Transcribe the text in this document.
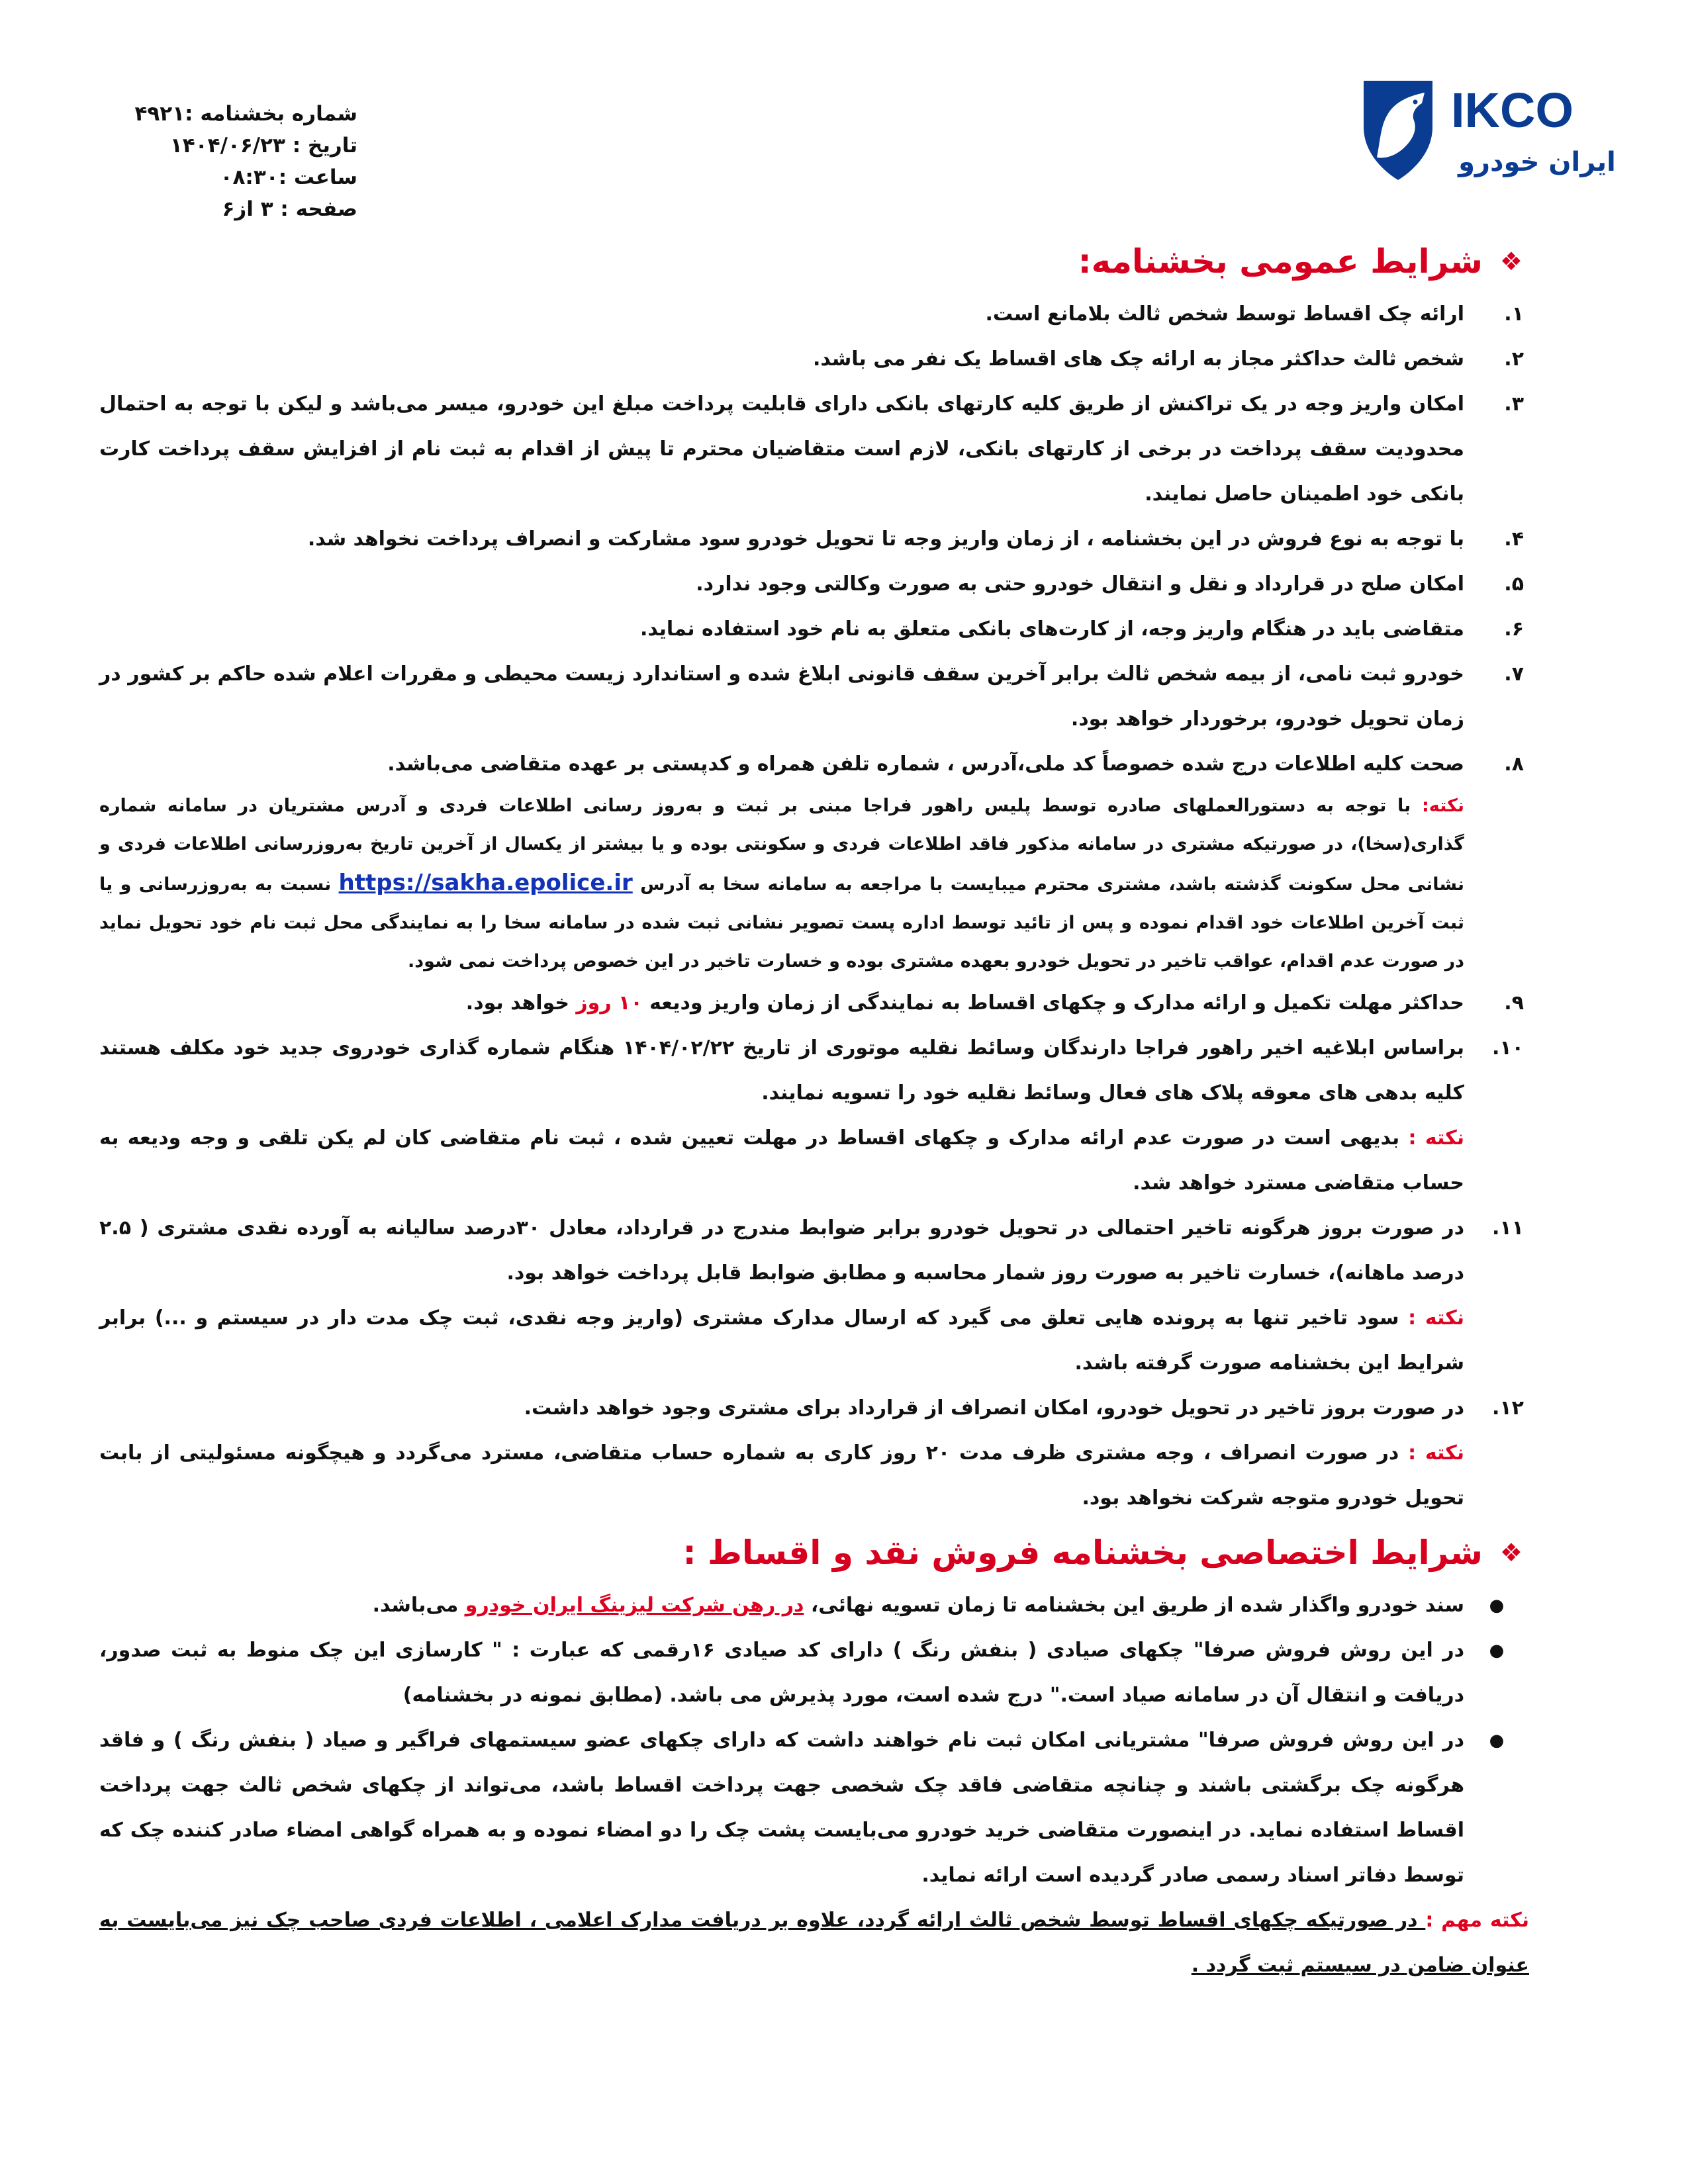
شماره بخشنامه :۴۹۲۱
تاریخ : ۱۴۰۴/۰۶/۲۳
ساعت :۰۸:۳۰
صفحه : ۳ از۶
IKCO
ایران خودرو
❖
شرایط عمومی بخشنامه:
۱.
ارائه چک اقساط توسط شخص ثالث بلامانع است.
۲.
شخص ثالث حداکثر مجاز به ارائه چک های اقساط یک نفر می باشد.
۳.
امکان واریز وجه در یک تراکنش از طریق کلیه کارتهای بانکی دارای قابلیت پرداخت مبلغ این خودرو، میسر می‌باشد و لیکن با توجه به احتمال محدودیت سقف پرداخت در برخی از کارتهای بانکی، لازم است متقاضیان محترم تا پیش از اقدام به ثبت نام از افزایش سقف پرداخت کارت بانکی خود اطمینان حاصل نمایند.
۴.
با توجه به نوع فروش در این بخشنامه ، از زمان واریز وجه تا تحویل خودرو سود مشارکت و انصراف پرداخت نخواهد شد.
۵.
امکان صلح در قرارداد و نقل و انتقال خودرو حتی به صورت وکالتی وجود ندارد.
۶.
متقاضی باید در هنگام واریز وجه، از کارت‌های بانکی متعلق به نام خود استفاده نماید.
۷.
خودرو ثبت نامی، از بیمه شخص ثالث برابر آخرین سقف قانونی ابلاغ شده و استاندارد زیست محیطی و مقررات اعلام شده حاکم بر کشور در زمان تحویل خودرو، برخوردار خواهد بود.
۸.
صحت کلیه اطلاعات درج شده خصوصاً کد ملی،آدرس ، شماره تلفن همراه و کدپستی بر عهده متقاضی می‌باشد.
نکته: با توجه به دستورالعملهای صادره توسط پلیس راهور فراجا مبنی بر ثبت و به‌روز رسانی اطلاعات فردی و آدرس مشتریان در سامانه شماره گذاری(سخا)، در صورتیکه مشتری در سامانه مذکور فاقد اطلاعات فردی و سکونتی بوده و یا بیشتر از یکسال از آخرین تاریخ به‌روزرسانی اطلاعات فردی و نشانی محل سکونت گذشته باشد، مشتری محترم میبایست با مراجعه به سامانه سخا به آدرس https://sakha.epolice.ir نسبت به به‌روزرسانی و یا ثبت آخرین اطلاعات خود اقدام نموده و پس از تائید توسط اداره پست تصویر نشانی ثبت شده در سامانه سخا را به نمایندگی محل ثبت نام خود تحویل نماید در صورت عدم اقدام، عواقب تاخیر در تحویل خودرو بعهده مشتری بوده و خسارت تاخیر در این خصوص پرداخت نمی شود.
۹.
حداکثر مهلت تکمیل و ارائه مدارک و چکهای اقساط به نمایندگی از زمان واریز ودیعه ۱۰ روز خواهد بود.
۱۰.
براساس ابلاغیه اخیر راهور فراجا دارندگان وسائط نقلیه موتوری از تاریخ ۱۴۰۴/۰۲/۲۲ هنگام شماره گذاری خودروی جدید خود مکلف هستند کلیه بدهی های معوقه پلاک های فعال وسائط نقلیه خود را تسویه نمایند.
نکته : بدیهی است در صورت عدم ارائه مدارک و چکهای اقساط در مهلت تعیین شده ، ثبت نام متقاضی کان لم یکن تلقی و وجه ودیعه به حساب متقاضی مسترد خواهد شد.
۱۱.
در صورت بروز هرگونه تاخیر احتمالی در تحویل خودرو برابر ضوابط مندرج در قرارداد، معادل ۳۰درصد سالیانه به آورده نقدی مشتری ( ۲.۵ درصد ماهانه)، خسارت تاخیر به صورت روز شمار محاسبه و مطابق ضوابط قابل پرداخت خواهد بود.
نکته : سود تاخیر تنها به پرونده هایی تعلق می گیرد که ارسال مدارک مشتری (واریز وجه نقدی، ثبت چک مدت دار در سیستم و ...) برابر شرایط این بخشنامه صورت گرفته باشد.
۱۲.
در صورت بروز تاخیر در تحویل خودرو، امکان انصراف از قرارداد برای مشتری وجود خواهد داشت.
نکته : در صورت انصراف ، وجه مشتری ظرف مدت ۲۰ روز کاری به شماره حساب متقاضی، مسترد می‌گردد و هیچگونه مسئولیتی از بابت تحویل خودرو متوجه شرکت نخواهد بود.
❖
شرایط اختصاصی بخشنامه فروش نقد و اقساط :
●
سند خودرو واگذار شده از طریق این بخشنامه تا زمان تسویه نهائی، در رهن شرکت لیزینگ ایران خودرو می‌باشد.
●
در این روش فروش صرفا" چکهای صیادی ( بنفش رنگ ) دارای کد صیادی ۱۶رقمی که عبارت : " کارسازی این چک منوط به ثبت صدور، دریافت و انتقال آن در سامانه صیاد است." درج شده است، مورد پذیرش می باشد. (مطابق نمونه در بخشنامه)
●
در این روش فروش صرفا" مشتریانی امکان ثبت نام خواهند داشت که دارای چکهای عضو سیستمهای فراگیر و صیاد ( بنفش رنگ ) و فاقد هرگونه چک برگشتی باشند و چنانچه متقاضی فاقد چک شخصی جهت پرداخت اقساط باشد، می‌تواند از چکهای شخص ثالث جهت پرداخت اقساط استفاده نماید. در اینصورت متقاضی خرید خودرو می‌بایست پشت چک را دو امضاء نموده و به همراه گواهی امضاء صادر کننده چک که توسط دفاتر اسناد رسمی صادر گردیده است ارائه نماید.
نکته مهم : در صورتیکه چکهای اقساط توسط شخص ثالث ارائه گردد، علاوه بر دریافت مدارک اعلامی ، اطلاعات فردی صاحب چک نیز می‌بایست به عنوان ضامن در سیستم ثبت گردد .
